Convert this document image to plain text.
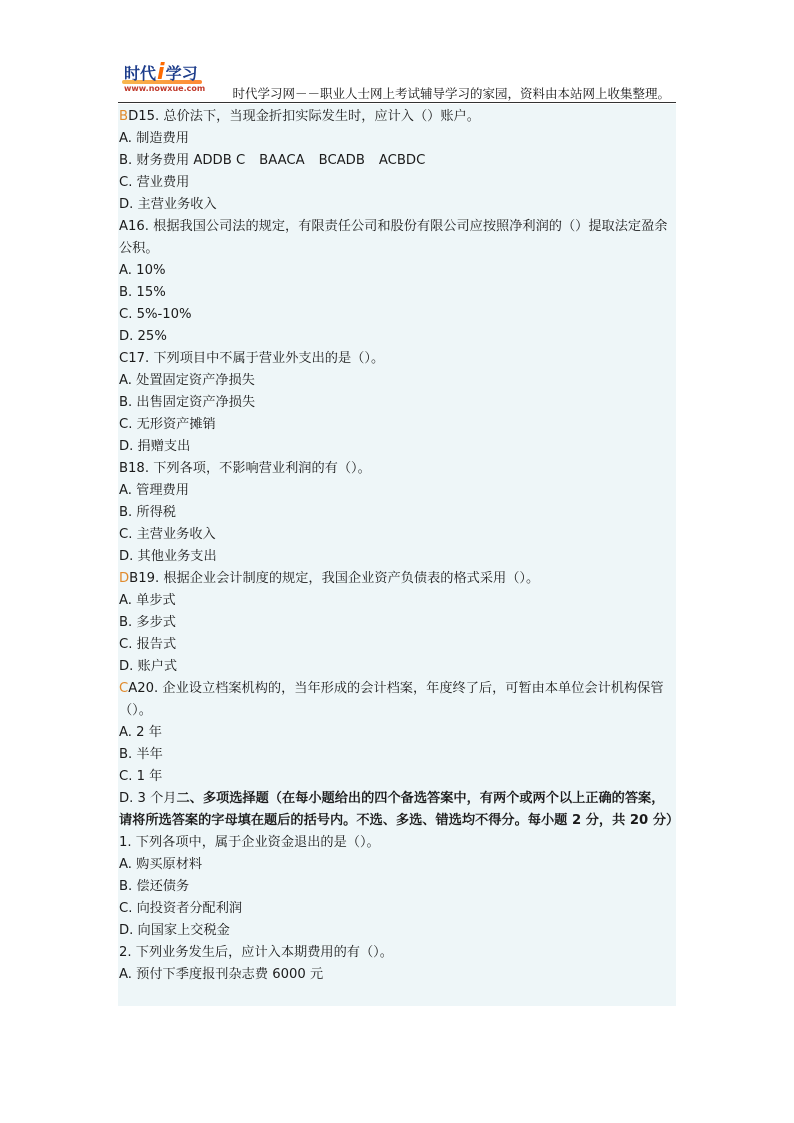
时代i学习
www.nowxue.com 时代学习网－－职业人士网上考试辅导学习的家园，资料由本站网上收集整理。
BD15. 总价法下，当现金折扣实际发生时，应计入（）账户。
A. 制造费用
B. 财务费用 ADDB C BAACA BCADB ACBDC
C. 营业费用
D. 主营业务收入
A16. 根据我国公司法的规定，有限责任公司和股份有限公司应按照净利润的（）提取法定盈余公积。
A. 10%
B. 15%
C. 5%-10%
D. 25%
C17. 下列项目中不属于营业外支出的是（）。
A. 处置固定资产净损失
B. 出售固定资产净损失
C. 无形资产摊销
D. 捐赠支出
B18. 下列各项，不影响营业利润的有（）。
A. 管理费用
B. 所得税
C. 主营业务收入
D. 其他业务支出
DB19. 根据企业会计制度的规定，我国企业资产负债表的格式采用（）。
A. 单步式
B. 多步式
C. 报告式
D. 账户式
CA20. 企业设立档案机构的，当年形成的会计档案，年度终了后，可暂由本单位会计机构保管（）。
A. 2 年
B. 半年
C. 1 年
D. 3 个月二、多项选择题（在每小题给出的四个备选答案中，有两个或两个以上正确的答案，请将所选答案的字母填在题后的括号内。不选、多选、错选均不得分。每小题 2 分，共 20 分）
1. 下列各项中，属于企业资金退出的是（）。
A. 购买原材料
B. 偿还债务
C. 向投资者分配利润
D. 向国家上交税金
2. 下列业务发生后，应计入本期费用的有（）。
A. 预付下季度报刊杂志费 6000 元
